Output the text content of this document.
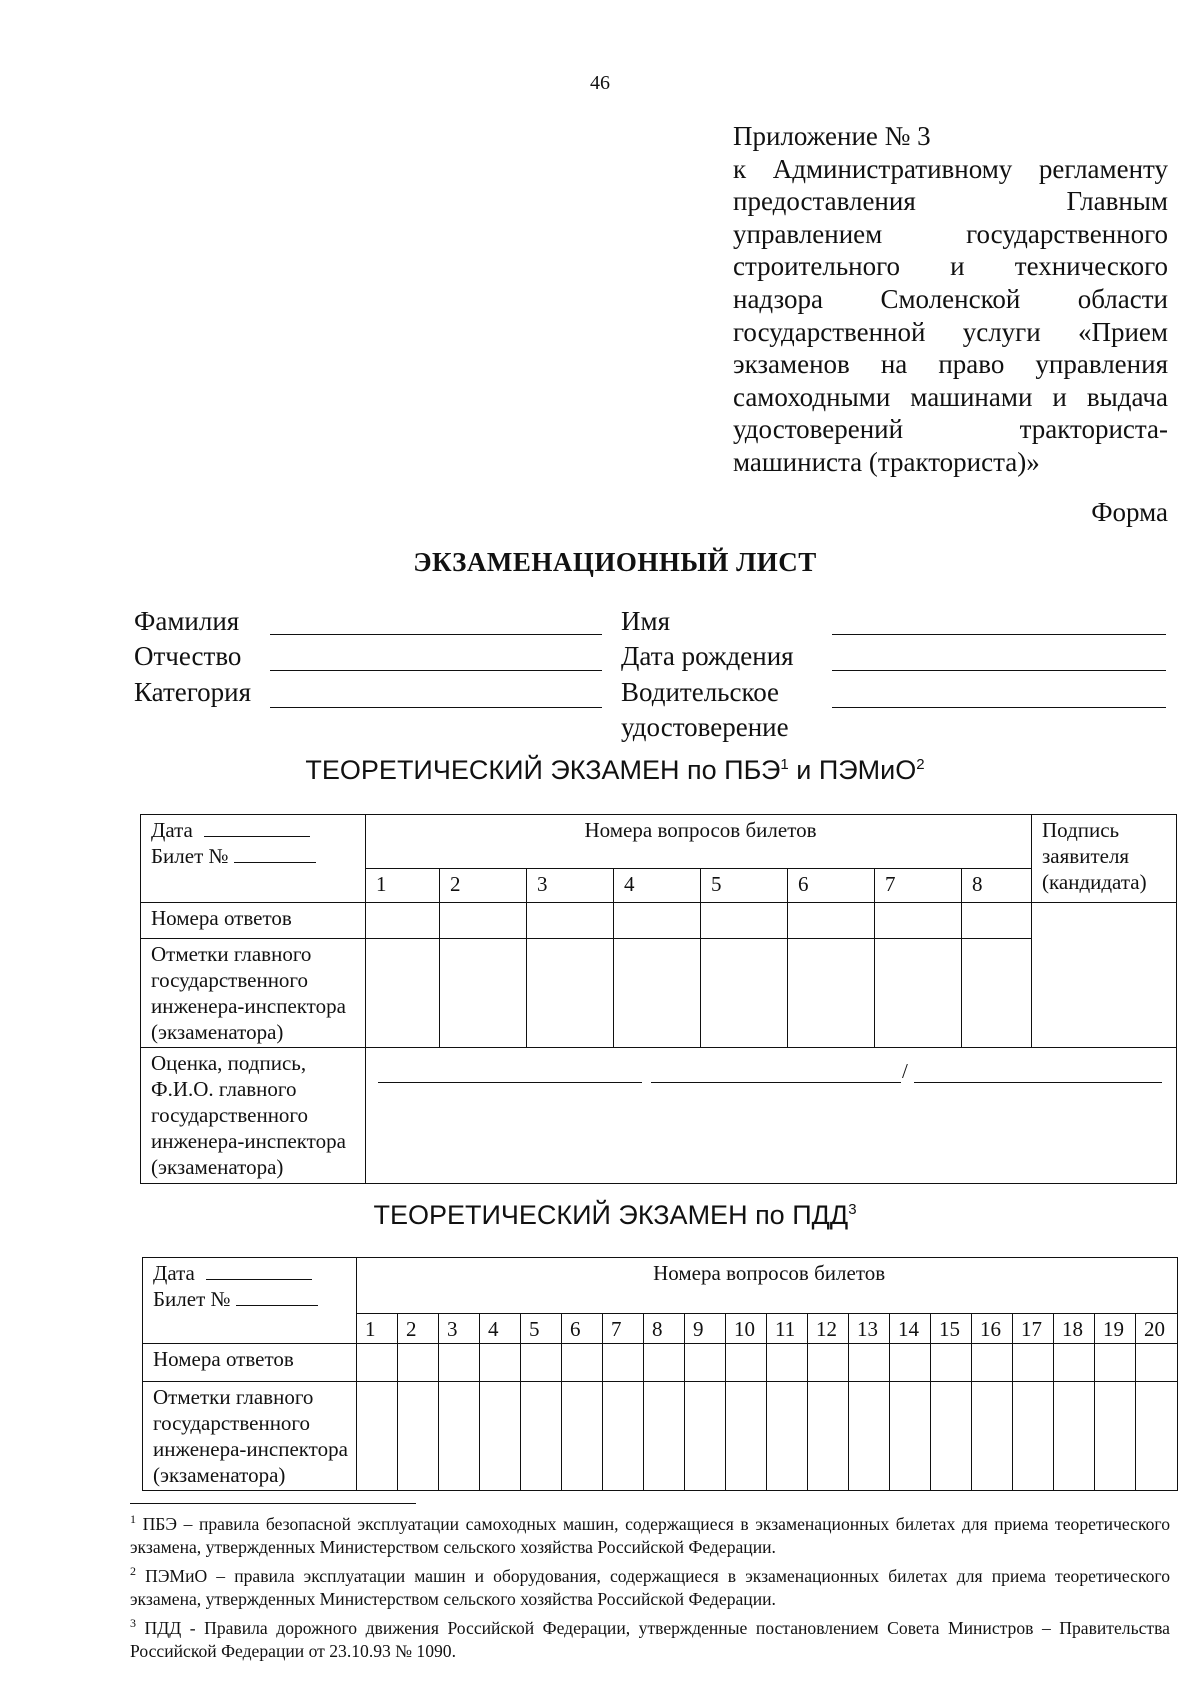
46
Приложение № 3
к Административному регламенту
предоставления Главным
управлением государственного
строительного и технического
надзора Смоленской области
государственной услуги «Прием
экзаменов на право управления
самоходными машинами и выдача
удостоверений тракториста-
машиниста (тракториста)»
Форма
ЭКЗАМЕНАЦИОННЫЙ ЛИСТ
Фамилия	Имя
Отчество	Дата рождения
Категория	Водительское
удостоверение
ТЕОРЕТИЧЕСКИЙ ЭКЗАМЕН по ПБЭ$^1$ и ПЭМиО$^2$
Дата
Билет №	Номера вопросов билетов								Подпись заявителя (кандидата)
	1	2	3	4	5	6	7	8	
Номера ответов									
Отметки главного государственного инженера-инспектора (экзаменатора)									
Оценка, подпись, Ф.И.О. главного государственного инженера-инспектора (экзаменатора)	/								
ТЕОРЕТИЧЕСКИЙ ЭКЗАМЕН по ПДД$^3$
Дата
Билет №	Номера вопросов билетов																			
	1	2	3	4	5	6	7	8	9	10	11	12	13	14	15	16	17	18	19	20
Номера ответов																				
Отметки главного государственного инженера-инспектора (экзаменатора)																				
$^1$ ПБЭ – правила безопасной эксплуатации самоходных машин, содержащиеся в экзаменационных билетах для приема теоретического экзамена, утвержденных Министерством сельского хозяйства Российской Федерации.
$^2$ ПЭМиО – правила эксплуатации машин и оборудования, содержащиеся в экзаменационных билетах для приема теоретического экзамена, утвержденных Министерством сельского хозяйства Российской Федерации.
$^3$ ПДД - Правила дорожного движения Российской Федерации, утвержденные постановлением Совета Министров – Правительства Российской Федерации от 23.10.93 № 1090.
